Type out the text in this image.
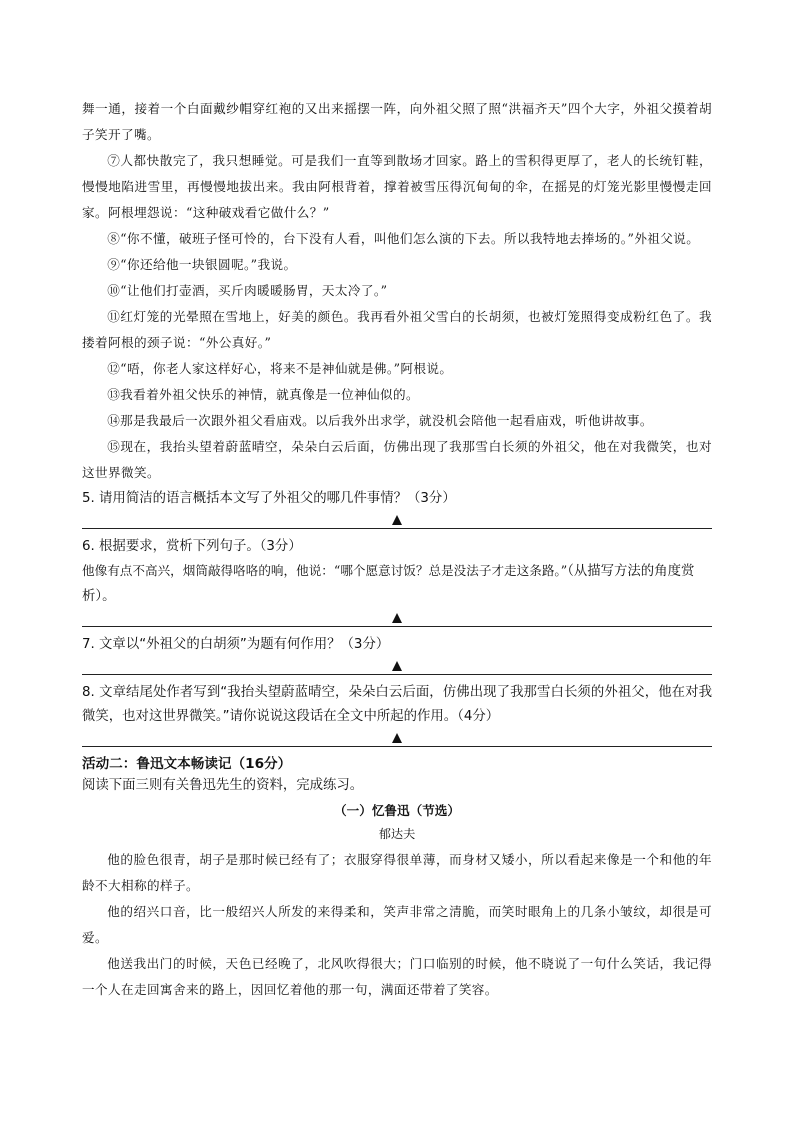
舞一通，接着一个白面戴纱帽穿红袍的又出来摇摆一阵，向外祖父照了照“洪福齐天”四个大字，外祖父摸着胡子笑开了嘴。

⑦人都快散完了，我只想睡觉。可是我们一直等到散场才回家。路上的雪积得更厚了，老人的长统钉鞋，慢慢地陷进雪里，再慢慢地拔出来。我由阿根背着，撑着被雪压得沉甸甸的伞，在摇晃的灯笼光影里慢慢走回家。阿根埋怨说：“这种破戏看它做什么？”

⑧“你不懂，破班子怪可怜的，台下没有人看，叫他们怎么演的下去。所以我特地去捧场的。”外祖父说。

⑨“你还给他一块银圆呢。”我说。

⑩“让他们打壶酒，买斤肉暖暖肠胃，天太冷了。”

⑪红灯笼的光晕照在雪地上，好美的颜色。我再看外祖父雪白的长胡须，也被灯笼照得变成粉红色了。我搂着阿根的颈子说：“外公真好。”

⑫“唔，你老人家这样好心，将来不是神仙就是佛。”阿根说。

⑬我看着外祖父快乐的神情，就真像是一位神仙似的。

⑭那是我最后一次跟外祖父看庙戏。以后我外出求学，就没机会陪他一起看庙戏，听他讲故事。

⑮现在，我抬头望着蔚蓝晴空，朵朵白云后面，仿佛出现了我那雪白长须的外祖父，他在对我微笑，也对这世界微笑。

5. 请用简洁的语言概括本文写了外祖父的哪几件事情？（3分）

6. 根据要求，赏析下列句子。（3分）

他像有点不高兴，烟筒敲得咯咯的响，他说：“哪个愿意讨饭？总是没法子才走这条路。”（从描写方法的角度赏析）。

7. 文章以“外祖父的白胡须”为题有何作用？（3分）

8. 文章结尾处作者写到“我抬头望蔚蓝晴空，朵朵白云后面，仿佛出现了我那雪白长须的外祖父，他在对我微笑，也对这世界微笑。”请你说说这段话在全文中所起的作用。（4分）

活动二：鲁迅文本畅读记（16分）

阅读下面三则有关鲁迅先生的资料，完成练习。

（一）忆鲁迅（节选）

郁达夫

他的脸色很青，胡子是那时候已经有了；衣服穿得很单薄，而身材又矮小，所以看起来像是一个和他的年龄不大相称的样子。

他的绍兴口音，比一般绍兴人所发的来得柔和，笑声非常之清脆，而笑时眼角上的几条小皱纹，却很是可爱。

他送我出门的时候，天色已经晚了，北风吹得很大；门口临别的时候，他不晓说了一句什么笑话，我记得一个人在走回寓舍来的路上，因回忆着他的那一句，满面还带着了笑容。
